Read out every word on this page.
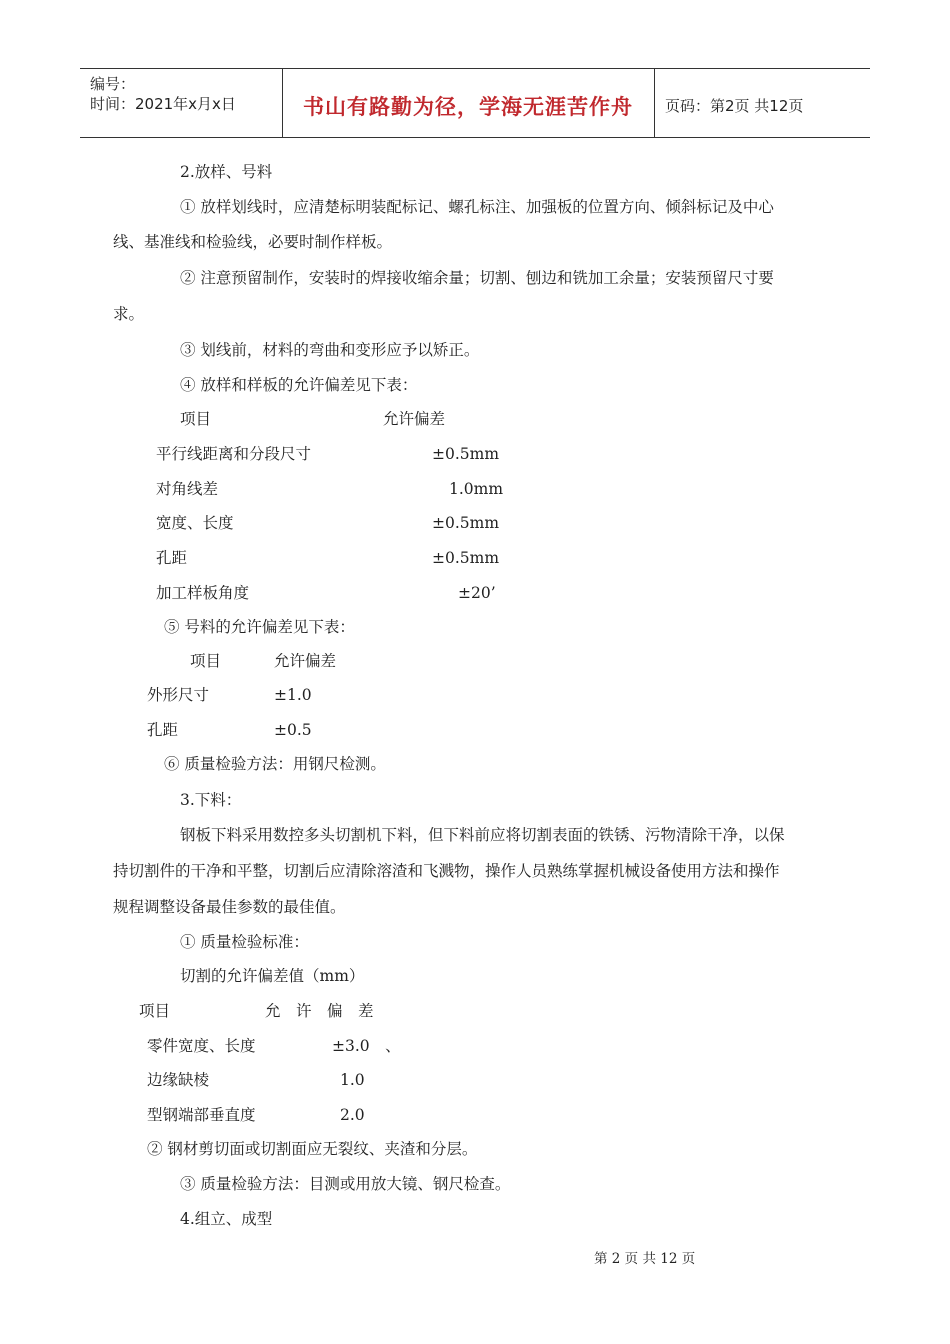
编号：
时间：2021年x月x日	书山有路勤为径，学海无涯苦作舟	页码：第2页 共12页
2.放样、号料
① 放样划线时，应清楚标明装配标记、螺孔标注、加强板的位置方向、倾斜标记及中心
线、基准线和检验线，必要时制作样板。
② 注意预留制作，安装时的焊接收缩余量；切割、刨边和铣加工余量；安装预留尺寸要
求。
③ 划线前，材料的弯曲和变形应予以矫正。
④ 放样和样板的允许偏差见下表：
项目	允许偏差
平行线距离和分段尺寸	±0.5mm
对角线差	1.0mm
宽度、长度	±0.5mm
孔距	±0.5mm
加工样板角度	±20’
⑤ 号料的允许偏差见下表：
项目	允许偏差
外形尺寸	±1.0
孔距	±0.5
⑥ 质量检验方法：用钢尺检测。
3.下料：
钢板下料采用数控多头切割机下料，但下料前应将切割表面的铁锈、污物清除干净，以保
持切割件的干净和平整，切割后应清除溶渣和飞溅物，操作人员熟练掌握机械设备使用方法和操作
规程调整设备最佳参数的最佳值。
① 质量检验标准：
切割的允许偏差值（mm）
项目	允　许　偏　差
零件宽度、长度	±3.0　、
边缘缺棱	1.0
型钢端部垂直度	2.0
② 钢材剪切面或切割面应无裂纹、夹渣和分层。
③ 质量检验方法：目测或用放大镜、钢尺检查。
4.组立、成型
第 2 页 共 12 页
